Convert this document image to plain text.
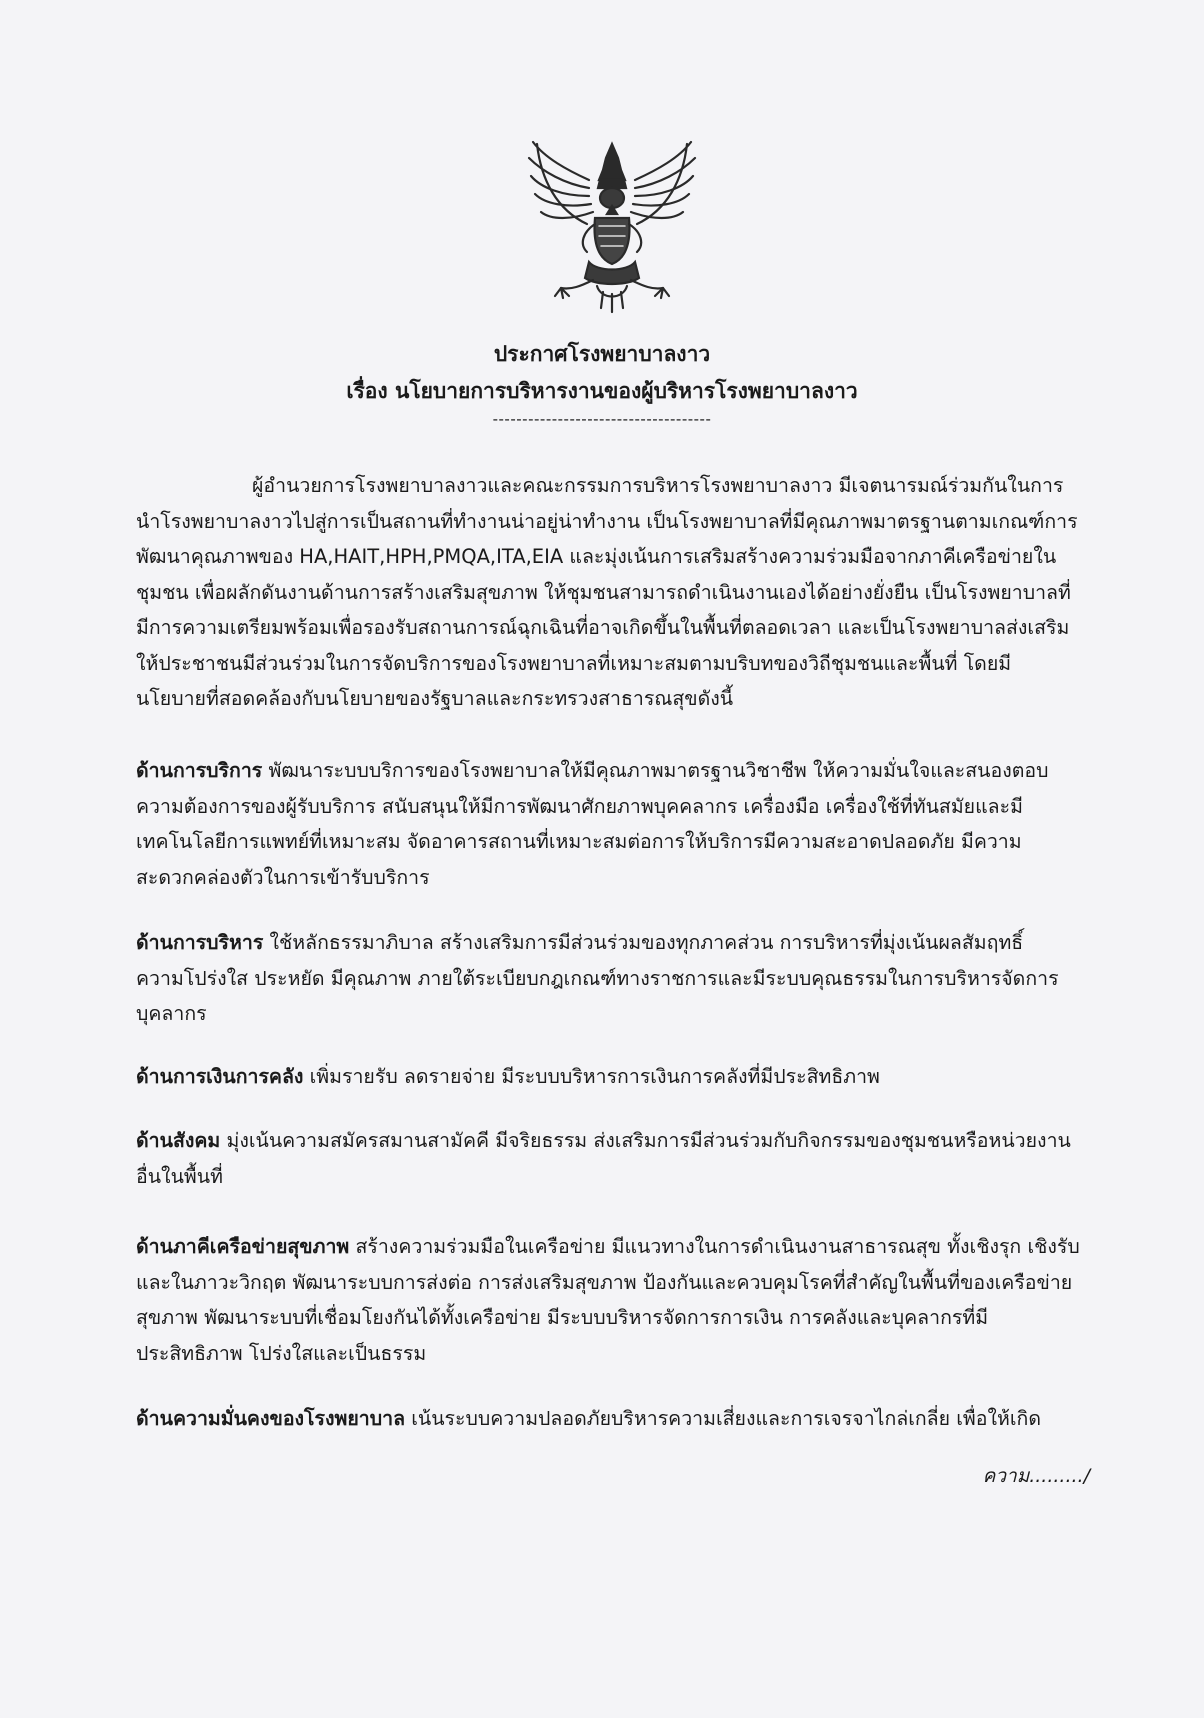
ประกาศโรงพยาบาลงาว
เรื่อง นโยบายการบริหารงานของผู้บริหารโรงพยาบาลงาว
-------------------------------------
ผู้อำนวยการโรงพยาบาลงาวและคณะกรรมการบริหารโรงพยาบาลงาว มีเจตนารมณ์ร่วมกันในการ
นำโรงพยาบาลงาวไปสู่การเป็นสถานที่ทำงานน่าอยู่น่าทำงาน เป็นโรงพยาบาลที่มีคุณภาพมาตรฐานตามเกณฑ์การ
พัฒนาคุณภาพของ HA,HAIT,HPH,PMQA,ITA,EIA และมุ่งเน้นการเสริมสร้างความร่วมมือจากภาคีเครือข่ายใน
ชุมชน เพื่อผลักดันงานด้านการสร้างเสริมสุขภาพ ให้ชุมชนสามารถดำเนินงานเองได้อย่างยั่งยืน เป็นโรงพยาบาลที่
มีการความเตรียมพร้อมเพื่อรองรับสถานการณ์ฉุกเฉินที่อาจเกิดขึ้นในพื้นที่ตลอดเวลา และเป็นโรงพยาบาลส่งเสริม
ให้ประชาชนมีส่วนร่วมในการจัดบริการของโรงพยาบาลที่เหมาะสมตามบริบทของวิถีชุมชนและพื้นที่ โดยมี
นโยบายที่สอดคล้องกับนโยบายของรัฐบาลและกระทรวงสาธารณสุขดังนี้
ด้านการบริการ พัฒนาระบบบริการของโรงพยาบาลให้มีคุณภาพมาตรฐานวิชาชีพ ให้ความมั่นใจและสนองตอบ
ความต้องการของผู้รับบริการ สนับสนุนให้มีการพัฒนาศักยภาพบุคคลากร เครื่องมือ เครื่องใช้ที่ทันสมัยและมี
เทคโนโลยีการแพทย์ที่เหมาะสม จัดอาคารสถานที่เหมาะสมต่อการให้บริการมีความสะอาดปลอดภัย มีความ
สะดวกคล่องตัวในการเข้ารับบริการ
ด้านการบริหาร ใช้หลักธรรมาภิบาล สร้างเสริมการมีส่วนร่วมของทุกภาคส่วน การบริหารที่มุ่งเน้นผลสัมฤทธิ์
ความโปร่งใส ประหยัด มีคุณภาพ ภายใต้ระเบียบกฎเกณฑ์ทางราชการและมีระบบคุณธรรมในการบริหารจัดการ
บุคลากร
ด้านการเงินการคลัง เพิ่มรายรับ ลดรายจ่าย มีระบบบริหารการเงินการคลังที่มีประสิทธิภาพ
ด้านสังคม มุ่งเน้นความสมัครสมานสามัคคี มีจริยธรรม ส่งเสริมการมีส่วนร่วมกับกิจกรรมของชุมชนหรือหน่วยงาน
อื่นในพื้นที่
ด้านภาคีเครือข่ายสุขภาพ สร้างความร่วมมือในเครือข่าย มีแนวทางในการดำเนินงานสาธารณสุข ทั้งเชิงรุก เชิงรับ
และในภาวะวิกฤต พัฒนาระบบการส่งต่อ การส่งเสริมสุขภาพ ป้องกันและควบคุมโรคที่สำคัญในพื้นที่ของเครือข่าย
สุขภาพ พัฒนาระบบที่เชื่อมโยงกันได้ทั้งเครือข่าย มีระบบบริหารจัดการการเงิน การคลังและบุคลากรที่มี
ประสิทธิภาพ โปร่งใสและเป็นธรรม
ด้านความมั่นคงของโรงพยาบาล เน้นระบบความปลอดภัยบริหารความเสี่ยงและการเจรจาไกล่เกลี่ย เพื่อให้เกิด
ความ........./
